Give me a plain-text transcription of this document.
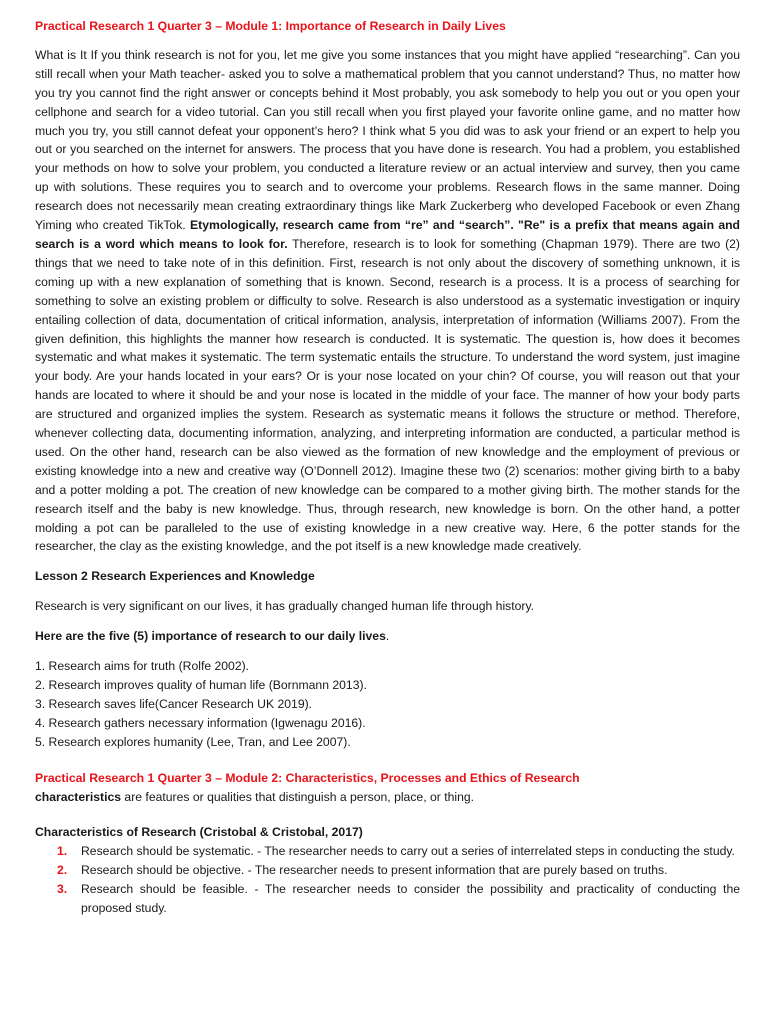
Practical Research 1 Quarter 3 – Module 1: Importance of Research in Daily Lives

What is It If you think research is not for you, let me give you some instances that you might have applied “researching”. Can you still recall when your Math teacher- asked you to solve a mathematical problem that you cannot understand? Thus, no matter how you try you cannot find the right answer or concepts behind it Most probably, you ask somebody to help you out or you open your cellphone and search for a video tutorial. Can you still recall when you first played your favorite online game, and no matter how much you try, you still cannot defeat your opponent’s hero? I think what 5 you did was to ask your friend or an expert to help you out or you searched on the internet for answers. The process that you have done is research. You had a problem, you established your methods on how to solve your problem, you conducted a literature review or an actual interview and survey, then you came up with solutions. These requires you to search and to overcome your problems. Research flows in the same manner. Doing research does not necessarily mean creating extraordinary things like Mark Zuckerberg who developed Facebook or even Zhang Yiming who created TikTok. Etymologically, research came from “re” and “search”. "Re" is a prefix that means again and search is a word which means to look for. Therefore, research is to look for something (Chapman 1979). There are two (2) things that we need to take note of in this definition. First, research is not only about the discovery of something unknown, it is coming up with a new explanation of something that is known. Second, research is a process. It is a process of searching for something to solve an existing problem or difficulty to solve. Research is also understood as a systematic investigation or inquiry entailing collection of data, documentation of critical information, analysis, interpretation of information (Williams 2007). From the given definition, this highlights the manner how research is conducted. It is systematic. The question is, how does it becomes systematic and what makes it systematic. The term systematic entails the structure. To understand the word system, just imagine your body. Are your hands located in your ears? Or is your nose located on your chin? Of course, you will reason out that your hands are located to where it should be and your nose is located in the middle of your face. The manner of how your body parts are structured and organized implies the system. Research as systematic means it follows the structure or method. Therefore, whenever collecting data, documenting information, analyzing, and interpreting information are conducted, a particular method is used. On the other hand, research can be also viewed as the formation of new knowledge and the employment of previous or existing knowledge into a new and creative way (O’Donnell 2012). Imagine these two (2) scenarios: mother giving birth to a baby and a potter molding a pot. The creation of new knowledge can be compared to a mother giving birth. The mother stands for the research itself and the baby is new knowledge. Thus, through research, new knowledge is born. On the other hand, a potter molding a pot can be paralleled to the use of existing knowledge in a new creative way. Here, 6 the potter stands for the researcher, the clay as the existing knowledge, and the pot itself is a new knowledge made creatively.

Lesson 2 Research Experiences and Knowledge

Research is very significant on our lives, it has gradually changed human life through history.

Here are the five (5) importance of research to our daily lives.

1. Research aims for truth (Rolfe 2002).
2. Research improves quality of human life (Bornmann 2013).
3. Research saves life(Cancer Research UK 2019).
4. Research gathers necessary information (Igwenagu 2016).
5. Research explores humanity (Lee, Tran, and Lee 2007).

Practical Research 1 Quarter 3 – Module 2: Characteristics, Processes and Ethics of Research

characteristics are features or qualities that distinguish a person, place, or thing.

Characteristics of Research (Cristobal & Cristobal, 2017)

1. Research should be systematic. - The researcher needs to carry out a series of interrelated steps in conducting the study.
2. Research should be objective. - The researcher needs to present information that are purely based on truths.
3. Research should be feasible. - The researcher needs to consider the possibility and practicality of conducting the proposed study.
